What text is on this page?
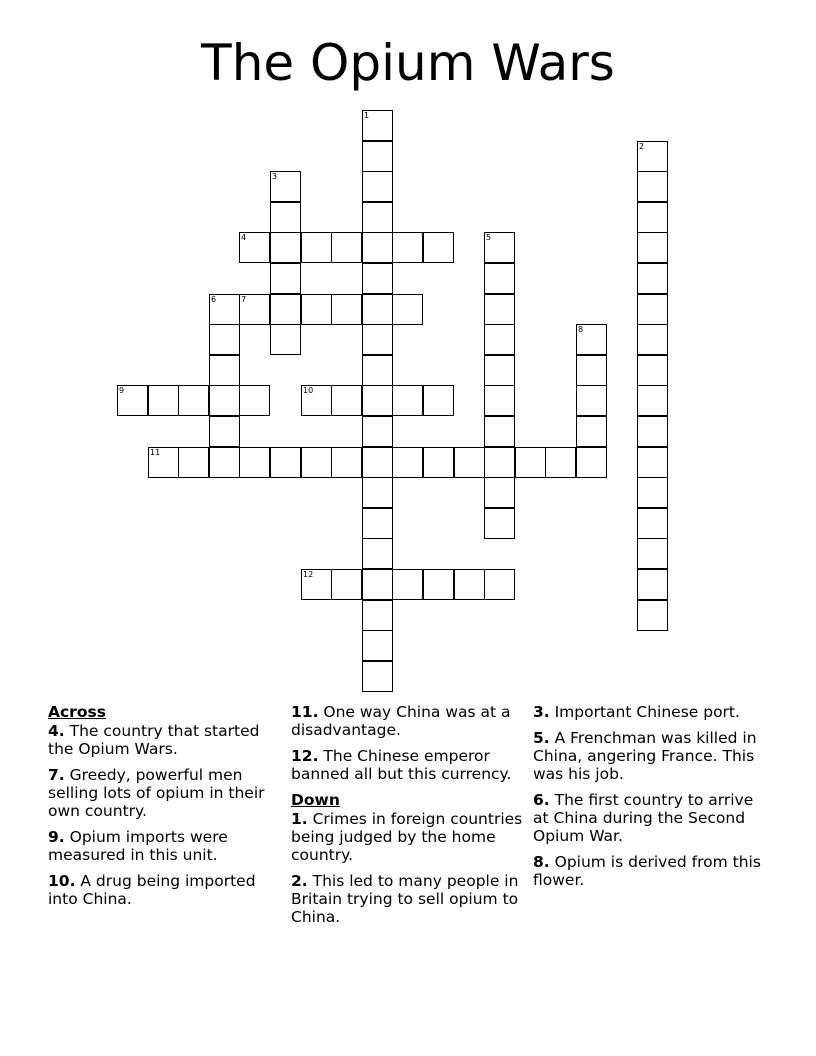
The Opium Wars
1
2
3
4	5
6	7
8
9	10
11
12
Across
4. The country that started the Opium Wars.
7. Greedy, powerful men selling lots of opium in their own country.
9. Opium imports were measured in this unit.
10. A drug being imported into China.
11. One way China was at a disadvantage.
12. The Chinese emperor banned all but this currency.
Down
1. Crimes in foreign countries being judged by the home country.
2. This led to many people in Britain trying to sell opium to China.
3. Important Chinese port.
5. A Frenchman was killed in China, angering France. This was his job.
6. The first country to arrive at China during the Second Opium War.
8. Opium is derived from this flower.
